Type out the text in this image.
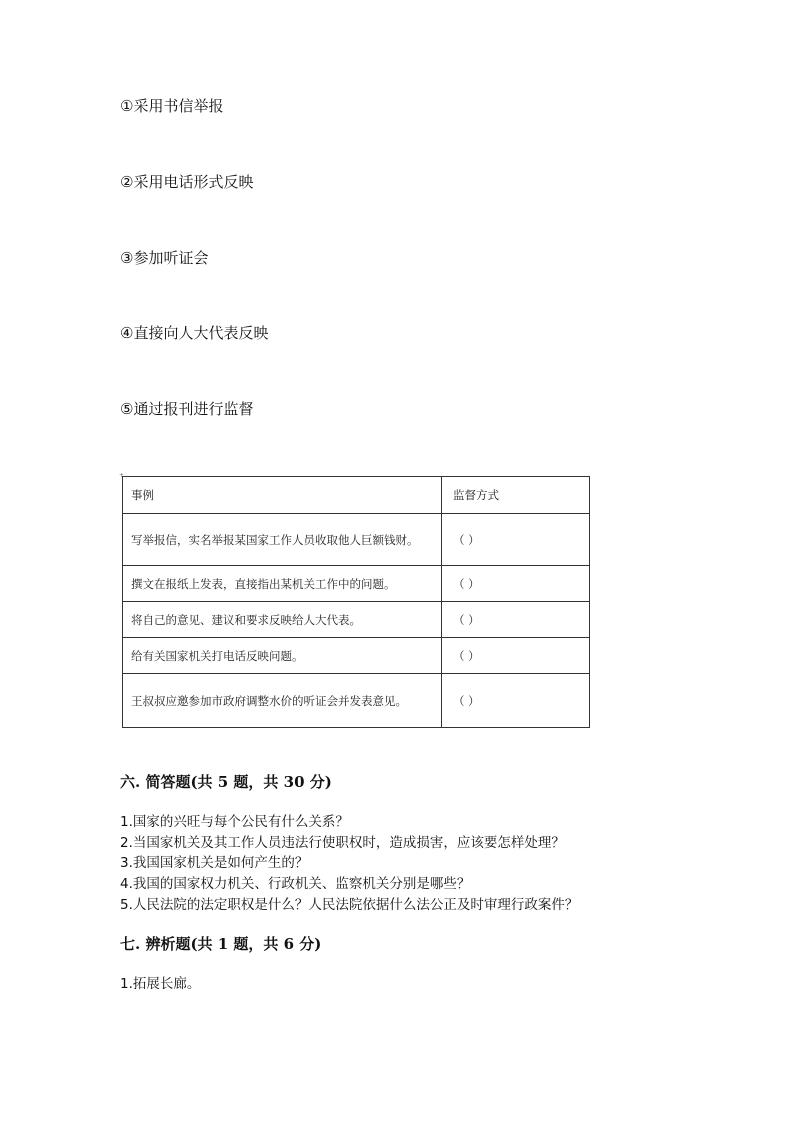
①采用书信举报
②采用电话形式反映
③参加听证会
④直接向人大代表反映
⑤通过报刊进行监督
+
事例	监督方式
写举报信，实名举报某国家工作人员收取他人巨额钱财。	（ ）
撰文在报纸上发表，直接指出某机关工作中的问题。	（ ）
将自己的意见、建议和要求反映给人大代表。	（ ）
给有关国家机关打电话反映问题。	（ ）
王叔叔应邀参加市政府调整水价的听证会并发表意见。	（ ）
六. 简答题(共 5 题，共 30 分)
1.国家的兴旺与每个公民有什么关系？
2.当国家机关及其工作人员违法行使职权时，造成损害，应该要怎样处理？
3.我国国家机关是如何产生的？
4.我国的国家权力机关、行政机关、监察机关分别是哪些？
5.人民法院的法定职权是什么？人民法院依据什么法公正及时审理行政案件？
七. 辨析题(共 1 题，共 6 分)
1.拓展长廊。
